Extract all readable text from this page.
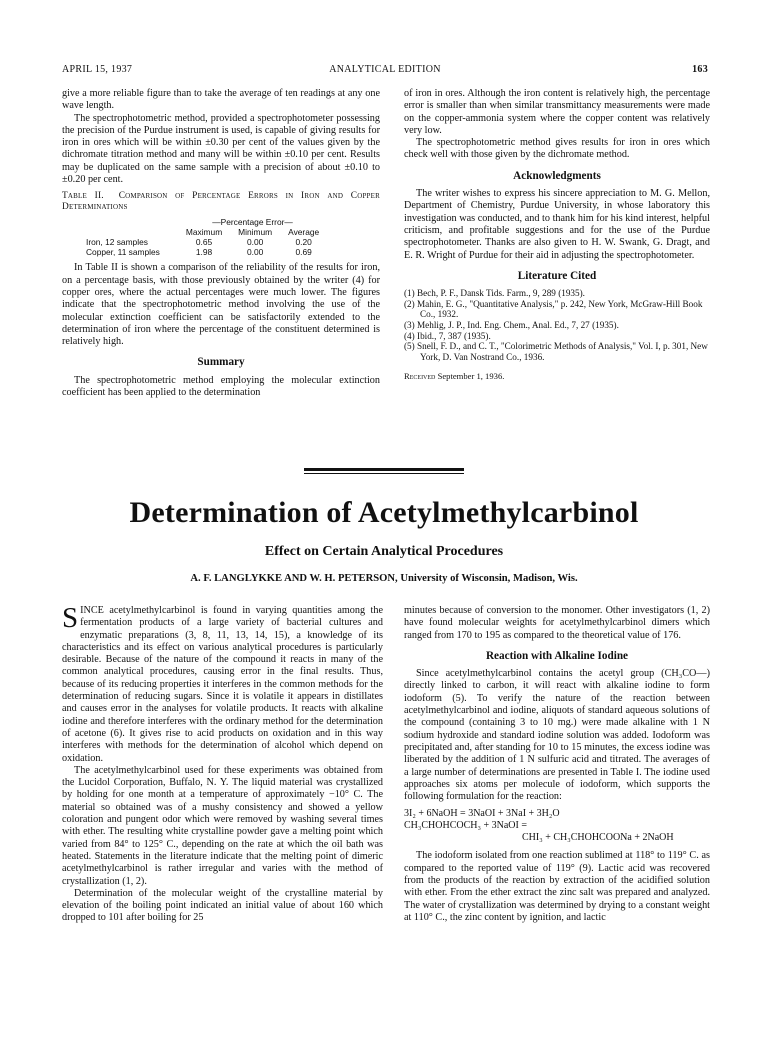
APRIL 15, 1937	ANALYTICAL EDITION	163

give a more reliable figure than to take the average of ten readings at any one wave length.

The spectrophotometric method, provided a spectrophotometer possessing the precision of the Purdue instrument is used, is capable of giving results for iron in ores which will be within ±0.30 per cent of the values given by the dichromate titration method and many will be within ±0.10 per cent. Results may be duplicated on the same sample with a precision of about ±0.10 to ±0.20 per cent.

Table II. Comparison of Percentage Errors in Iron and Copper Determinations
	—Percentage Error—		
	Maximum	Minimum	Average
Iron, 12 samples	0.65	0.00	0.20
Copper, 11 samples	1.98	0.00	0.69

In Table II is shown a comparison of the reliability of the results for iron, on a percentage basis, with those previously obtained by the writer (4) for copper ores, where the actual percentages were much lower. The figures indicate that the spectrophotometric method involving the use of the molecular extinction coefficient can be satisfactorily extended to the determination of iron where the percentage of the constituent determined is relatively high.

Summary

The spectrophotometric method employing the molecular extinction coefficient has been applied to the determination

of iron in ores. Although the iron content is relatively high, the percentage error is smaller than when similar transmittancy measurements were made on the copper-ammonia system where the copper content was relatively very low.

The spectrophotometric method gives results for iron in ores which check well with those given by the dichromate method.

Acknowledgments

The writer wishes to express his sincere appreciation to M. G. Mellon, Department of Chemistry, Purdue University, in whose laboratory this investigation was conducted, and to thank him for his kind interest, helpful criticism, and profitable suggestions and for the use of the Purdue spectrophotometer. Thanks are also given to H. W. Swank, G. Dragt, and E. R. Wright of Purdue for their aid in adjusting the spectrophotometer.

Literature Cited
(1) Bech, P. F., Dansk Tids. Farm., 9, 289 (1935).
(2) Mahin, E. G., "Quantitative Analysis," p. 242, New York, McGraw-Hill Book Co., 1932.
(3) Mehlig, J. P., Ind. Eng. Chem., Anal. Ed., 7, 27 (1935).
(4) Ibid., 7, 387 (1935).
(5) Snell, F. D., and C. T., "Colorimetric Methods of Analysis," Vol. I, p. 301, New York, D. Van Nostrand Co., 1936.
Received September 1, 1936.
Determination of Acetylmethylcarbinol
Effect on Certain Analytical Procedures
A. F. LANGLYKKE AND W. H. PETERSON, University of Wisconsin, Madison, Wis.

SINCE acetylmethylcarbinol is found in varying quantities among the fermentation products of a large variety of bacterial cultures and enzymatic preparations (3, 8, 11, 13, 14, 15), a knowledge of its characteristics and its effect on various analytical procedures is particularly desirable. Because of the nature of the compound it reacts in many of the common analytical procedures, causing error in the final results. Thus, because of its reducing properties it interferes in the common methods for the determination of reducing sugars. Since it is volatile it appears in distillates and causes error in the analyses for volatile products. It reacts with alkaline iodine and therefore interferes with the ordinary method for the determination of acetone (6). It gives rise to acid products on oxidation and in this way interferes with methods for the determination of alcohol which depend on oxidation.

The acetylmethylcarbinol used for these experiments was obtained from the Lucidol Corporation, Buffalo, N. Y. The liquid material was crystallized by holding for one month at a temperature of approximately −10° C. The material so obtained was of a mushy consistency and showed a yellow coloration and pungent odor which were removed by washing several times with ether. The resulting white crystalline powder gave a melting point which varied from 84° to 125° C., depending on the rate at which the oil bath was heated. Statements in the literature indicate that the melting point of dimeric acetylmethylcarbinol is rather irregular and varies with the method of crystallization (1, 2).

Determination of the molecular weight of the crystalline material by elevation of the boiling point indicated an initial value of about 160 which dropped to 101 after boiling for 25

minutes because of conversion to the monomer. Other investigators (1, 2) have found molecular weights for acetylmethylcarbinol dimers which ranged from 170 to 195 as compared to the theoretical value of 176.

Reaction with Alkaline Iodine

Since acetylmethylcarbinol contains the acetyl group (CH₃CO—) directly linked to carbon, it will react with alkaline iodine to form iodoform (5). To verify the nature of the reaction between acetylmethylcarbinol and iodine, aliquots of standard aqueous solutions of the compound (containing 3 to 10 mg.) were made alkaline with 1 N sodium hydroxide and standard iodine solution was added. Iodoform was precipitated and, after standing for 10 to 15 minutes, the excess iodine was liberated by the addition of 1 N sulfuric acid and titrated. The averages of a large number of determinations are presented in Table I. The iodine used approaches six atoms per molecule of iodoform, which supports the following formulation for the reaction:

3I₂ + 6NaOH = 3NaOI + 3NaI + 3H₂O
CH₃CHOHCOCH₃ + 3NaOI =
CHI₃ + CH₃CHOHCOONa + 2NaOH

The iodoform isolated from one reaction sublimed at 118° to 119° C. as compared to the reported value of 119° (9). Lactic acid was recovered from the products of the reaction by extraction of the acidified solution with ether. From the ether extract the zinc salt was prepared and analyzed. The water of crystallization was determined by drying to a constant weight at 110° C., the zinc content by ignition, and lactic
